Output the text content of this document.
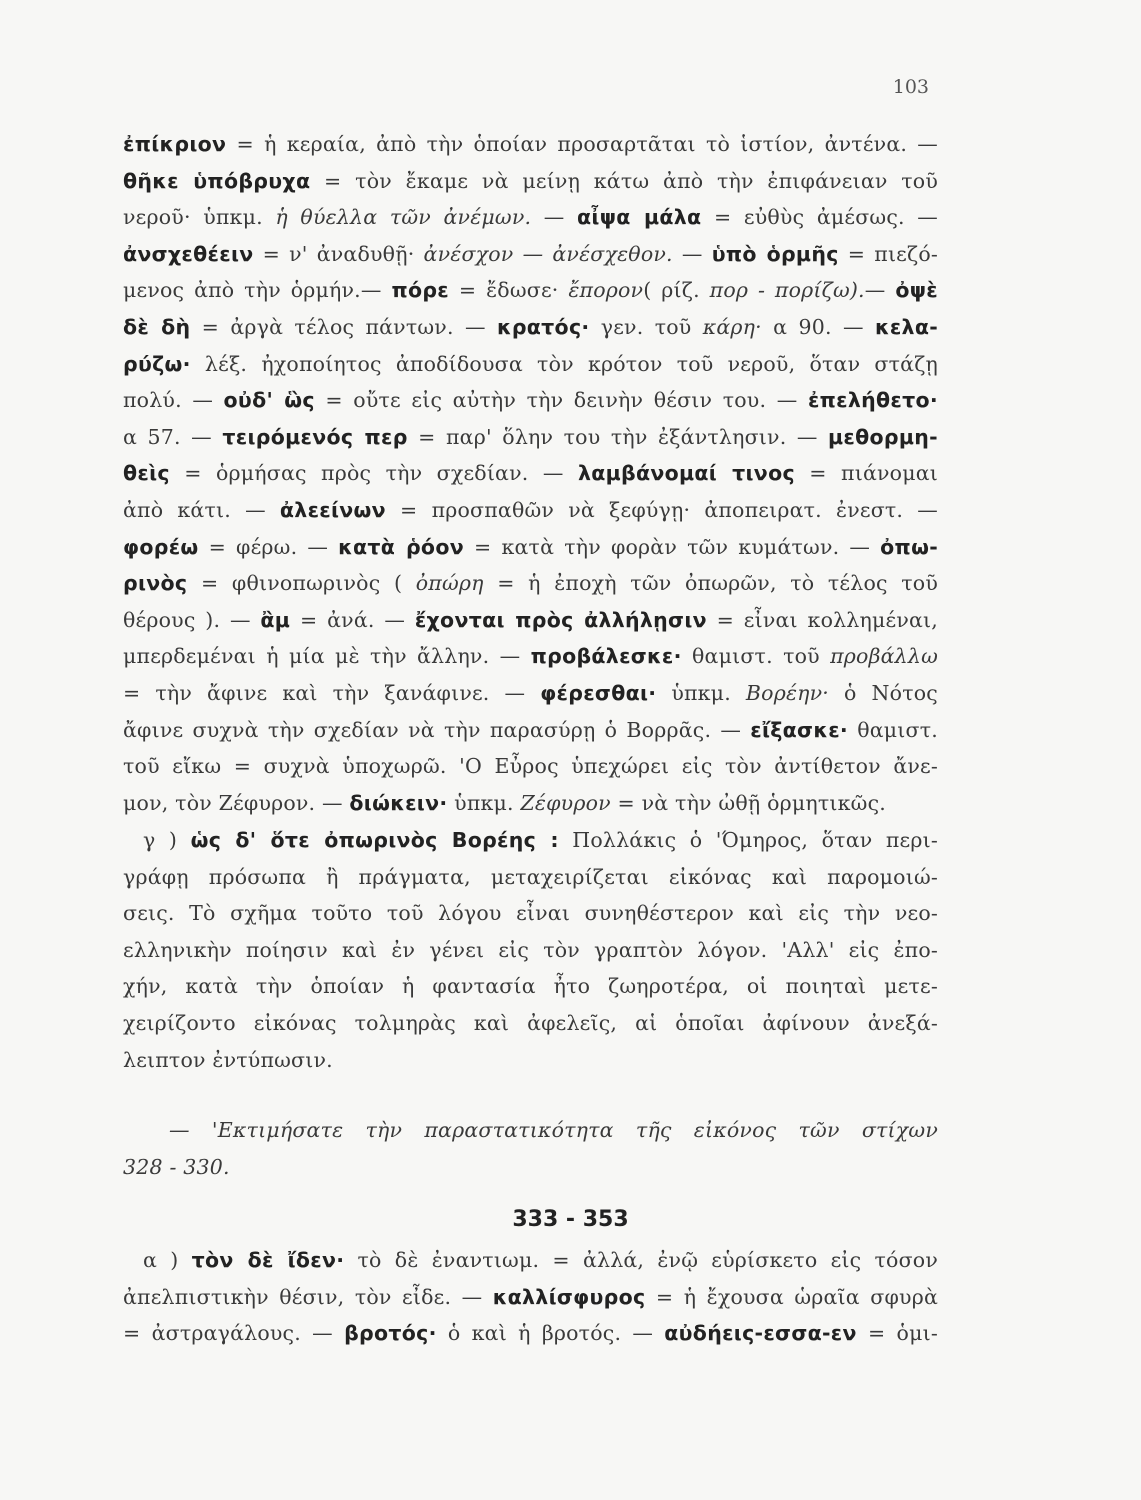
103
ἐπίκριον = ἡ κεραία, ἀπὸ τὴν ὁποίαν προσαρτᾶται τὸ ἱστίον, ἀντένα. —
θῆκε ὑπόβρυχα = τὸν ἔκαμε νὰ μείνῃ κάτω ἀπὸ τὴν ἐπιφάνειαν τοῦ
νεροῦ· ὑπκμ. ἡ θύελλα τῶν ἀνέμων. — αἶψα μάλα = εὐθὺς ἀμέσως. —
ἀνσχεθέειν = ν' ἀναδυθῇ· ἀνέσχον — ἀνέσχεθον. — ὑπὸ ὁρμῆς = πιεζό-
μενος ἀπὸ τὴν ὁρμήν.— πόρε = ἔδωσε· ἔπορον( ρίζ. πορ - πορίζω).— ὀψὲ
δὲ δὴ = ἀργὰ τέλος πάντων. — κρατός· γεν. τοῦ κάρη· α 90. — κελα-
ρύζω· λέξ. ἠχοποίητος ἀποδίδουσα τὸν κρότον τοῦ νεροῦ, ὅταν στάζῃ
πολύ. — οὐδ' ὣς = οὔτε εἰς αὐτὴν τὴν δεινὴν θέσιν του. — ἐπελήθετο·
α 57. — τειρόμενός περ = παρ' ὅλην του τὴν ἐξάντλησιν. — μεθορμη-
θεὶς = ὁρμήσας πρὸς τὴν σχεδίαν. — λαμβάνομαί τινος = πιάνομαι
ἀπὸ κάτι. — ἀλεείνων = προσπαθῶν νὰ ξεφύγῃ· ἀποπειρατ. ἐνεστ. —
φορέω = φέρω. — κατὰ ῥόον = κατὰ τὴν φορὰν τῶν κυμάτων. — ὀπω-
ρινὸς = φθινοπωρινὸς ( ὀπώρη = ἡ ἐποχὴ τῶν ὀπωρῶν, τὸ τέλος τοῦ
θέρους ). — ἂμ = ἀνά. — ἔχονται πρὸς ἀλλήλῃσιν = εἶναι κολλημέναι,
μπερδεμέναι ἡ μία μὲ τὴν ἄλλην. — προβάλεσκε· θαμιστ. τοῦ προβάλλω
= τὴν ἄφινε καὶ τὴν ξανάφινε. — φέρεσθαι· ὑπκμ. Βορέην· ὁ Νότος
ἄφινε συχνὰ τὴν σχεδίαν νὰ τὴν παρασύρῃ ὁ Βορρᾶς. — εἴξασκε· θαμιστ.
τοῦ εἴκω = συχνὰ ὑποχωρῶ. 'Ο Εὖρος ὑπεχώρει εἰς τὸν ἀντίθετον ἄνε-
μον, τὸν Ζέφυρον. — διώκειν· ὑπκμ. Ζέφυρον = νὰ τὴν ὠθῇ ὁρμητικῶς.
γ ) ὡς δ' ὅτε ὀπωρινὸς Βορέης : Πολλάκις ὁ 'Όμηρος, ὅταν περι-
γράφῃ πρόσωπα ἢ πράγματα, μεταχειρίζεται εἰκόνας καὶ παρομοιώ-
σεις. Τὸ σχῆμα τοῦτο τοῦ λόγου εἶναι συνηθέστερον καὶ εἰς τὴν νεο-
ελληνικὴν ποίησιν καὶ ἐν γένει εἰς τὸν γραπτὸν λόγον. 'Αλλ' εἰς ἐπο-
χήν, κατὰ τὴν ὁποίαν ἡ φαντασία ἦτο ζωηροτέρα, οἱ ποιηταὶ μετε-
χειρίζοντο εἰκόνας τολμηρὰς καὶ ἀφελεῖς, αἱ ὁποῖαι ἀφίνουν ἀνεξά-
λειπτον ἐντύπωσιν.
— 'Εκτιμήσατε τὴν παραστατικότητα τῆς εἰκόνος τῶν στίχων
328 - 330.
333 - 353
α ) τὸν δὲ ἴδεν· τὸ δὲ ἐναντιωμ. = ἀλλά, ἐνῷ εὑρίσκετο εἰς τόσον
ἀπελπιστικὴν θέσιν, τὸν εἶδε. — καλλίσφυρος = ἡ ἔχουσα ὡραῖα σφυρὰ
= ἀστραγάλους. — βροτός· ὁ καὶ ἡ βροτός. — αὐδήεις-εσσα-εν = ὁμι-
